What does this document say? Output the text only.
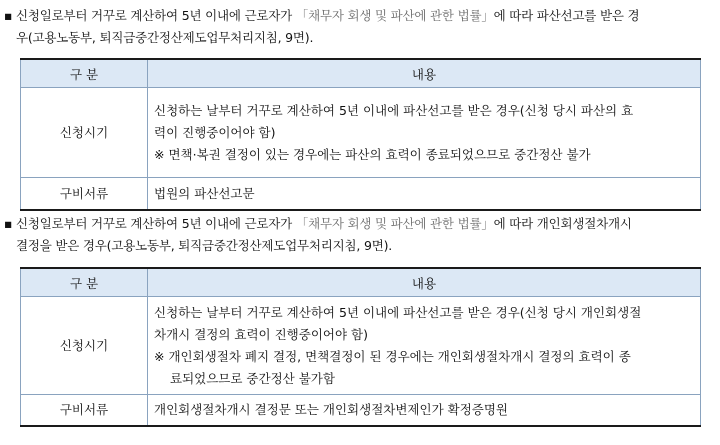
▪ 신청일로부터 거꾸로 계산하여 5년 이내에 근로자가 「채무자 회생 및 파산에 관한 법률」에 따라 파산선고를 받은 경
우(고용노동부, 퇴직금중간정산제도업무처리지침, 9면).
구 분	내용
신청시기	신청하는 날부터 거꾸로 계산하여 5년 이내에 파산선고를 받은 경우(신청 당시 파산의 효
력이 진행중이어야 함)
※ 면책·복권 결정이 있는 경우에는 파산의 효력이 종료되었으므로 중간정산 불가

구비서류	법원의 파산선고문
▪ 신청일로부터 거꾸로 계산하여 5년 이내에 근로자가 「채무자 회생 및 파산에 관한 법률」에 따라 개인회생절차개시
결정을 받은 경우(고용노동부, 퇴직금중간정산제도업무처리지침, 9면).
구 분	내용
신청시기	신청하는 날부터 거꾸로 계산하여 5년 이내에 파산선고를 받은 경우(신청 당시 개인회생절
차개시 결정의 효력이 진행중이어야 함)
※ 개인회생절차 폐지 결정, 면책결정이 된 경우에는 개인회생절차개시 결정의 효력이 종
료되었으므로 중간정산 불가함

구비서류	개인회생절차개시 결정문 또는 개인회생절차변제인가 확정증명원
